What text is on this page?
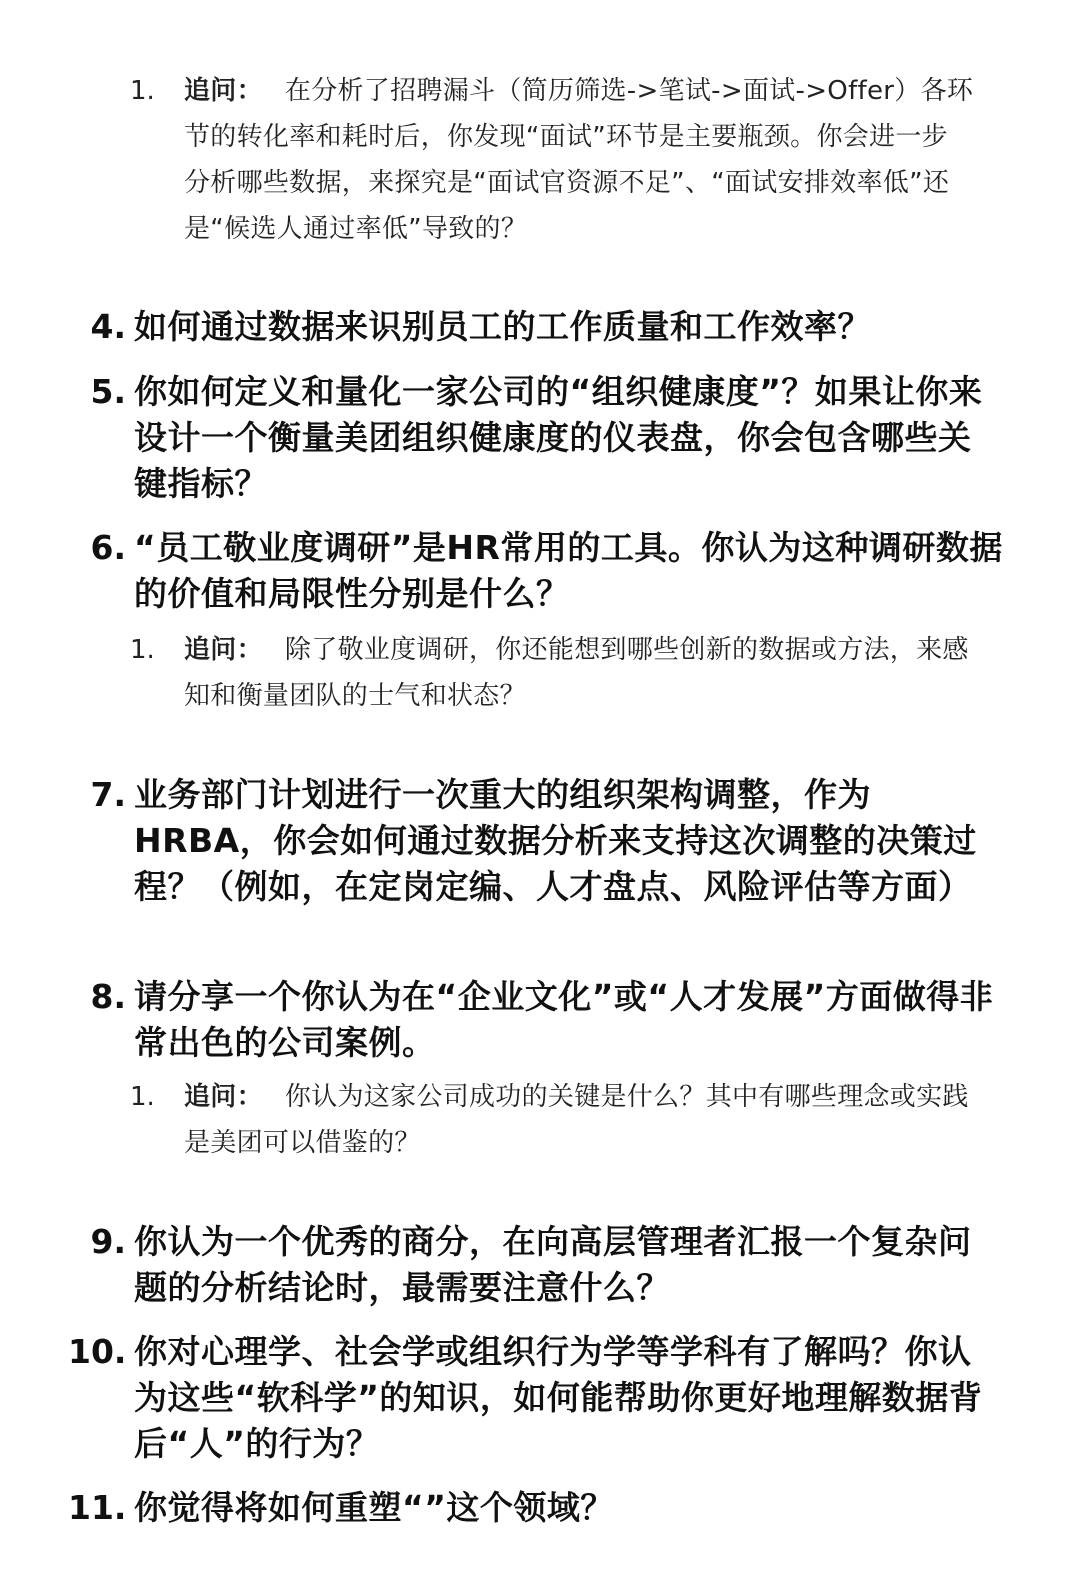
1. 追问： 在分析了招聘漏斗（简历筛选->笔试->面试->Offer）各环节的转化率和耗时后，你发现“面试”环节是主要瓶颈。你会进一步分析哪些数据，来探究是“面试官资源不足”、“面试安排效率低”还是“候选人通过率低”导致的？
4. 如何通过数据来识别员工的工作质量和工作效率？
5. 你如何定义和量化一家公司的“组织健康度”？如果让你来设计一个衡量美团组织健康度的仪表盘，你会包含哪些关键指标？
6. “员工敬业度调研”是HR常用的工具。你认为这种调研数据的价值和局限性分别是什么？
1. 追问： 除了敬业度调研，你还能想到哪些创新的数据或方法，来感知和衡量团队的士气和状态？
7. 业务部门计划进行一次重大的组织架构调整，作为 HRBA，你会如何通过数据分析来支持这次调整的决策过程？（例如，在定岗定编、人才盘点、风险评估等方面）
8. 请分享一个你认为在“企业文化”或“人才发展”方面做得非常出色的公司案例。
1. 追问： 你认为这家公司成功的关键是什么？其中有哪些理念或实践是美团可以借鉴的？
9. 你认为一个优秀的商分，在向高层管理者汇报一个复杂问题的分析结论时，最需要注意什么？
10. 你对心理学、社会学或组织行为学等学科有了解吗？你认为这些“软科学”的知识，如何能帮助你更好地理解数据背后“人”的行为？
11. 你觉得将如何重塑“”这个领域？
